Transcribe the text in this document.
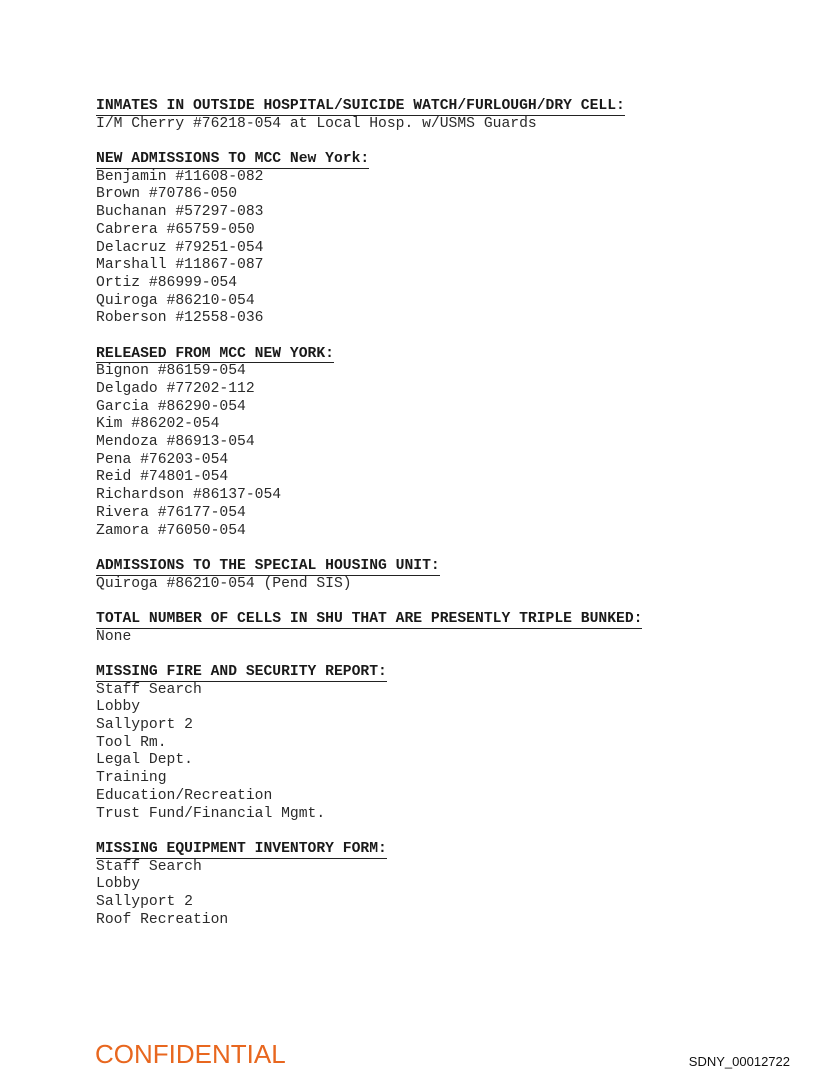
INMATES IN OUTSIDE HOSPITAL/SUICIDE WATCH/FURLOUGH/DRY CELL:
I/M Cherry #76218-054 at Local Hosp. w/USMS Guards
NEW ADMISSIONS TO MCC New York:
Benjamin #11608-082
Brown #70786-050
Buchanan #57297-083
Cabrera #65759-050
Delacruz #79251-054
Marshall #11867-087
Ortiz #86999-054
Quiroga #86210-054
Roberson #12558-036
RELEASED FROM MCC NEW YORK:
Bignon #86159-054
Delgado #77202-112
Garcia #86290-054
Kim #86202-054
Mendoza #86913-054
Pena #76203-054
Reid #74801-054
Richardson #86137-054
Rivera #76177-054
Zamora #76050-054
ADMISSIONS TO THE SPECIAL HOUSING UNIT:
Quiroga #86210-054 (Pend SIS)
TOTAL NUMBER OF CELLS IN SHU THAT ARE PRESENTLY TRIPLE BUNKED:
None
MISSING FIRE AND SECURITY REPORT:
Staff Search
Lobby
Sallyport 2
Tool Rm.
Legal Dept.
Training
Education/Recreation
Trust Fund/Financial Mgmt.
MISSING EQUIPMENT INVENTORY FORM:
Staff Search
Lobby
Sallyport 2
Roof Recreation
CONFIDENTIAL	SDNY_00012722
